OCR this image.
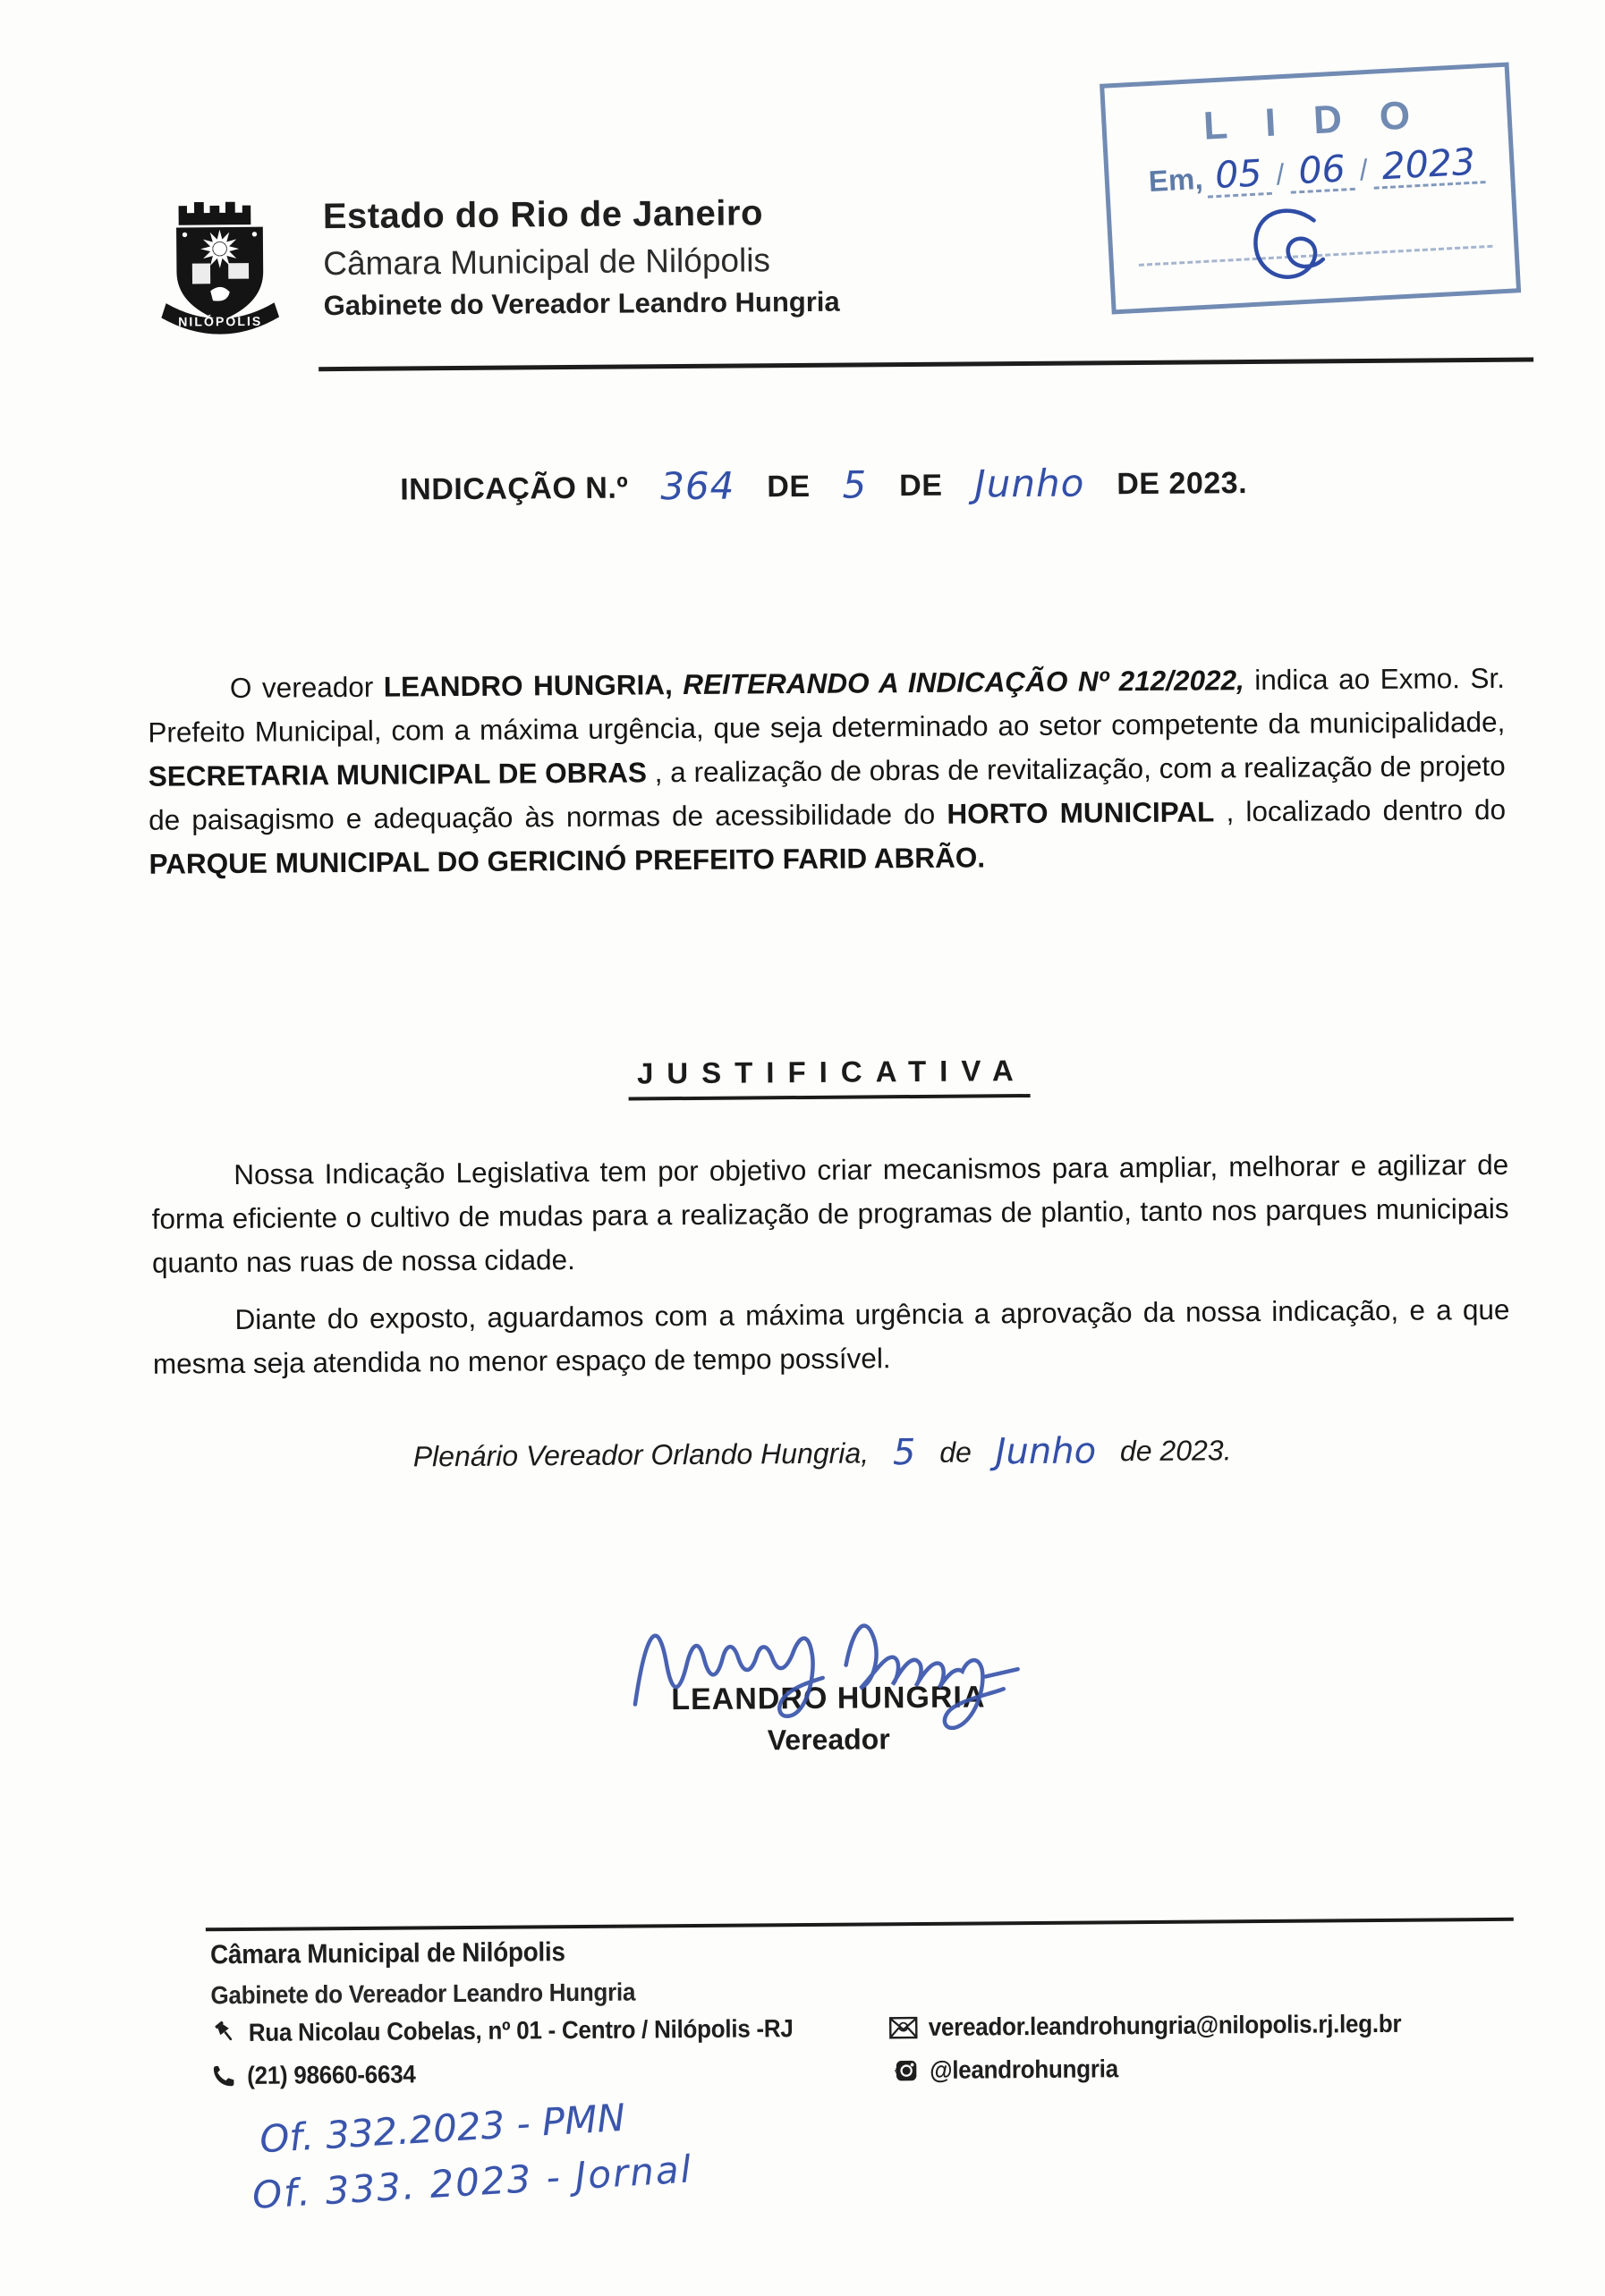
NILÓPOLIS
Estado do Rio de Janeiro
Câmara Municipal de Nilópolis
Gabinete do Vereador Leandro Hungria
LIDO
Em, 05 / 06 / 2023
INDICAÇÃO N.º 364 DE 5 DE Junho DE 2023.

O vereador LEANDRO HUNGRIA, REITERANDO A INDICAÇÃO Nº 212/2022, indica ao Exmo. Sr. Prefeito Municipal, com a máxima urgência, que seja determinado ao setor competente da municipalidade, SECRETARIA MUNICIPAL DE OBRAS , a realização de obras de revitalização, com a realização de projeto de paisagismo e adequação às normas de acessibilidade do HORTO MUNICIPAL , localizado dentro do PARQUE MUNICIPAL DO GERICINÓ PREFEITO FARID ABRÃO.

JUSTIFICATIVA

Nossa Indicação Legislativa tem por objetivo criar mecanismos para ampliar, melhorar e agilizar de forma eficiente o cultivo de mudas para a realização de programas de plantio, tanto nos parques municipais quanto nas ruas de nossa cidade.

Diante do exposto, aguardamos com a máxima urgência a aprovação da nossa indicação, e a que mesma seja atendida no menor espaço de tempo possível.

Plenário Vereador Orlando Hungria, 5 de Junho de 2023.
LEANDRO HUNGRIA
Vereador
Câmara Municipal de Nilópolis
Gabinete do Vereador Leandro Hungria
Rua Nicolau Cobelas, nº 01 - Centro / Nilópolis -RJ
(21) 98660-6634
vereador.leandrohungria@nilopolis.rj.leg.br
@leandrohungria
Of. 332.2023 - PMN
Of. 333. 2023 - Jornal
